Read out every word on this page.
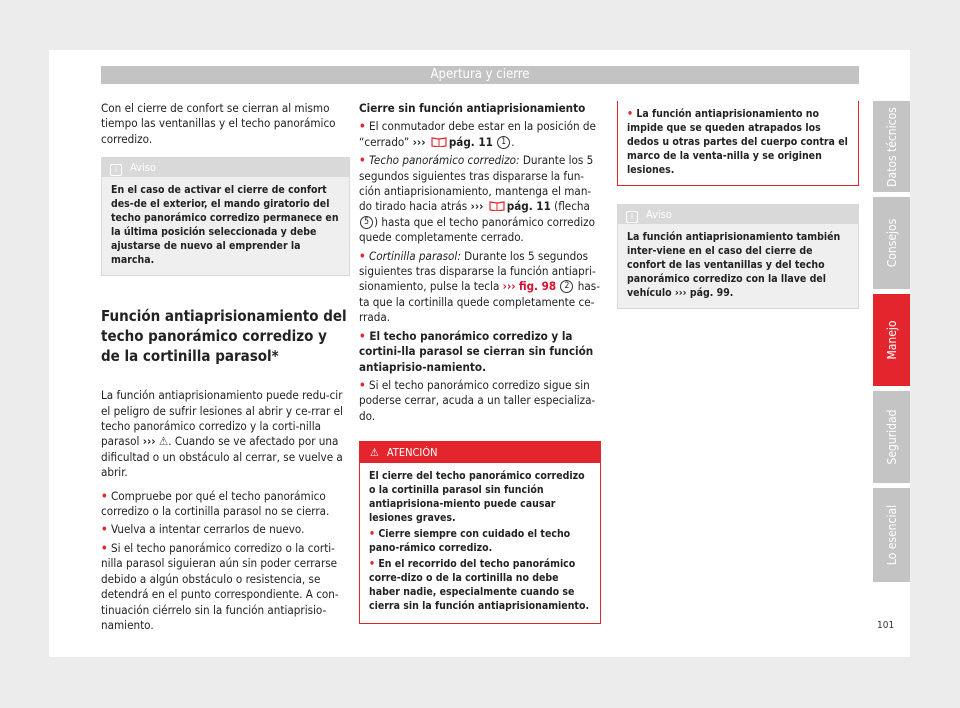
Apertura y cierre

Con el cierre de confort se cierran al mismo tiempo las ventanillas y el techo panorámico corredizo.

i Aviso
En el caso de activar el cierre de confort des-de el exterior, el mando giratorio del techo panorámico corredizo permanece en la última posición seleccionada y debe ajustarse de nuevo al emprender la marcha.

Función antiaprisionamiento del techo panorámico corredizo y de la cortinilla parasol*

La función antiaprisionamiento puede redu-cir el peligro de sufrir lesiones al abrir y ce-rrar el techo panorámico corredizo y la corti-nilla parasol ››› ⚠. Cuando se ve afectado por una dificultad o un obstáculo al cerrar, se vuelve a abrir.

• Compruebe por qué el techo panorámico corredizo o la cortinilla parasol no se cierra.
• Vuelva a intentar cerrarlos de nuevo.
• Si el techo panorámico corredizo o la corti-nilla parasol siguieran aún sin poder cerrarse debido a algún obstáculo o resistencia, se detendrá en el punto correspondiente. A con-tinuación ciérrelo sin la función antiaprisio-namiento.
Cierre sin función antiaprisionamiento
• El conmutador debe estar en la posición de “cerrado” ››› pág. 11 1 .
• Techo panorámico corredizo: Durante los 5 segundos siguientes tras dispararse la fun-ción antiaprisionamiento, mantenga el man-do tirado hacia atrás ››› pág. 11 (flecha 5 ) hasta que el techo panorámico corredizo quede completamente cerrado.
• Cortinilla parasol: Durante los 5 segundos siguientes tras dispararse la función antiapri-sionamiento, pulse la tecla ››› fig. 98 2 has-ta que la cortinilla quede completamente ce-rrada.
• El techo panorámico corredizo y la cortini-lla parasol se cierran sin función antiaprisio-namiento.
• Si el techo panorámico corredizo sigue sin poderse cerrar, acuda a un taller especializa-do.
⚠ ATENCIÓN
El cierre del techo panorámico corredizo o la cortinilla parasol sin función antiaprisiona-miento puede causar lesiones graves.
• Cierre siempre con cuidado el techo pano-rámico corredizo.
• En el recorrido del techo panorámico corre-dizo o de la cortinilla no debe haber nadie, especialmente cuando se cierra sin la función antiaprisionamiento.
• La función antiaprisionamiento no impide que se queden atrapados los dedos u otras partes del cuerpo contra el marco de la venta-nilla y se originen lesiones.
i Aviso
La función antiaprisionamiento también inter-viene en el caso del cierre de confort de las ventanillas y del techo panorámico corredizo con la llave del vehículo ››› pág. 99.
Datos técnicos
Consejos
Manejo
Seguridad
Lo esencial
101
